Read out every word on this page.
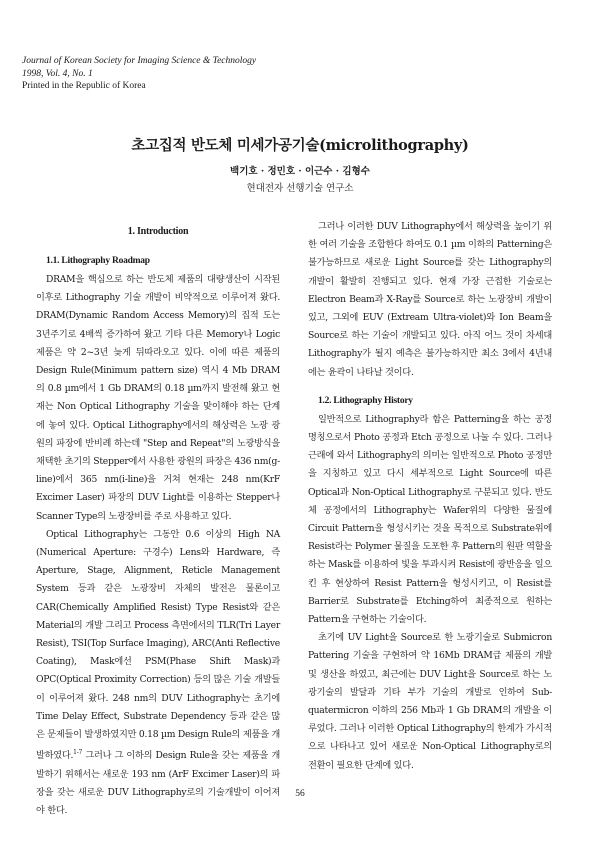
Journal of Korean Society for Imaging Science & Technology
1998, Vol. 4, No. 1
Printed in the Republic of Korea
초고집적 반도체 미세가공기술(microlithography)
백기호 · 정민호 · 이근수 · 김형수
현대전자 선행기술 연구소
1. Introduction
1.1. Lithography Roadmap

DRAM을 핵심으로 하는 반도체 제품의 대량생산이 시작된 이후로 Lithography 기술 개발이 비약적으로 이루어져 왔다. DRAM(Dynamic Random Access Memory)의 집적 도는 3년주기로 4배씩 증가하여 왔고 기타 다른 Memory나 Logic 제품은 약 2~3년 늦게 뒤따라오고 있다. 이에 따른 제품의 Design Rule(Minimum pattern size) 역시 4 Mb DRAM의 0.8 µm에서 1 Gb DRAM의 0.18 µm까지 발전해 왔고 현재는 Non Optical Lithography 기술을 맞이해야 하는 단계에 놓여 있다. Optical Lithography에서의 해상력은 노광 광원의 파장에 반비례 하는데 "Step and Repeat"의 노광방식을 채택한 초기의 Stepper에서 사용한 광원의 파장은 436 nm(g-line)에서 365 nm(i-line)을 거쳐 현재는 248 nm(KrF Excimer Laser) 파장의 DUV Light를 이용하는 Stepper나 Scanner Type의 노광장비를 주로 사용하고 있다.

Optical Lithography는 그동안 0.6 이상의 High NA (Numerical Aperture: 구경수) Lens와 Hardware, 즉 Aperture, Stage, Alignment, Reticle Management System 등과 같은 노광장비 자체의 발전은 물론이고 CAR(Chemically Amplified Resist) Type Resist와 같은 Material의 개발 그리고 Process 측면에서의 TLR(Tri Layer Resist), TSI(Top Surface Imaging), ARC(Anti Reflective Coating), Mask에선 PSM(Phase Shift Mask)과 OPC(Optical Proximity Correction) 등의 많은 기술 개발들이 이루어져 왔다. 248 nm의 DUV Lithography는 초기에 Time Delay Effect, Substrate Dependency 등과 같은 많은 문제들이 발생하였지만 0.18 µm Design Rule의 제품을 개발하였다.$^{1-7}$ 그러나 그 이하의 Design Rule을 갖는 제품을 개발하기 위해서는 새로운 193 nm (ArF Excimer Laser)의 파장을 갖는 새로운 DUV Lithography로의 기술개발이 이어져야 한다.

그러나 이러한 DUV Lithography에서 해상력을 높이기 위한 여러 기술을 조합한다 하여도 0.1 µm 이하의 Patterning은 불가능하므로 새로운 Light Source를 갖는 Lithography의 개발이 활발히 진행되고 있다. 현재 가장 근접한 기술로는 Electron Beam과 X-Ray를 Source로 하는 노광장비 개발이 있고, 그외에 EUV (Extream Ultra-violet)와 Ion Beam을 Source로 하는 기술이 개발되고 있다. 아직 어느 것이 차세대 Lithography가 될지 예측은 불가능하지만 최소 3에서 4년내에는 윤곽이 나타날 것이다.

1.2. Lithography History

일반적으로 Lithography라 함은 Patterning을 하는 공정명칭으로서 Photo 공정과 Etch 공정으로 나눌 수 있다. 그러나 근래에 와서 Lithography의 의미는 일반적으로 Photo 공정만을 지칭하고 있고 다시 세부적으로 Light Source에 따른 Optical과 Non-Optical Lithography로 구분되고 있다. 반도체 공정에서의 Lithography는 Wafer위의 다양한 물질에 Circuit Pattern을 형성시키는 것을 목적으로 Substrate위에 Resist라는 Polymer 물질을 도포한 후 Pattern의 원판 역할을 하는 Mask를 이용하여 빛을 투과시켜 Resist에 광반응을 일으킨 후 현상하여 Resist Pattern을 형성시키고, 이 Resist를 Barrier로 Substrate를 Etching하여 최종적으로 원하는 Pattern을 구현하는 기술이다.

초기에 UV Light을 Source로 한 노광기술로 Submicron Pattering 기술을 구현하여 약 16Mb DRAM급 제품의 개발 및 생산을 하였고, 최근에는 DUV Light을 Source로 하는 노광기술의 발달과 기타 부가 기술의 개발로 인하여 Sub-quatermicron 이하의 256 Mb과 1 Gb DRAM의 개발을 이루었다. 그러나 이러한 Optical Lithography의 한계가 가시적으로 나타나고 있어 새로운 Non-Optical Lithography로의 전환이 필요한 단계에 있다.

56
